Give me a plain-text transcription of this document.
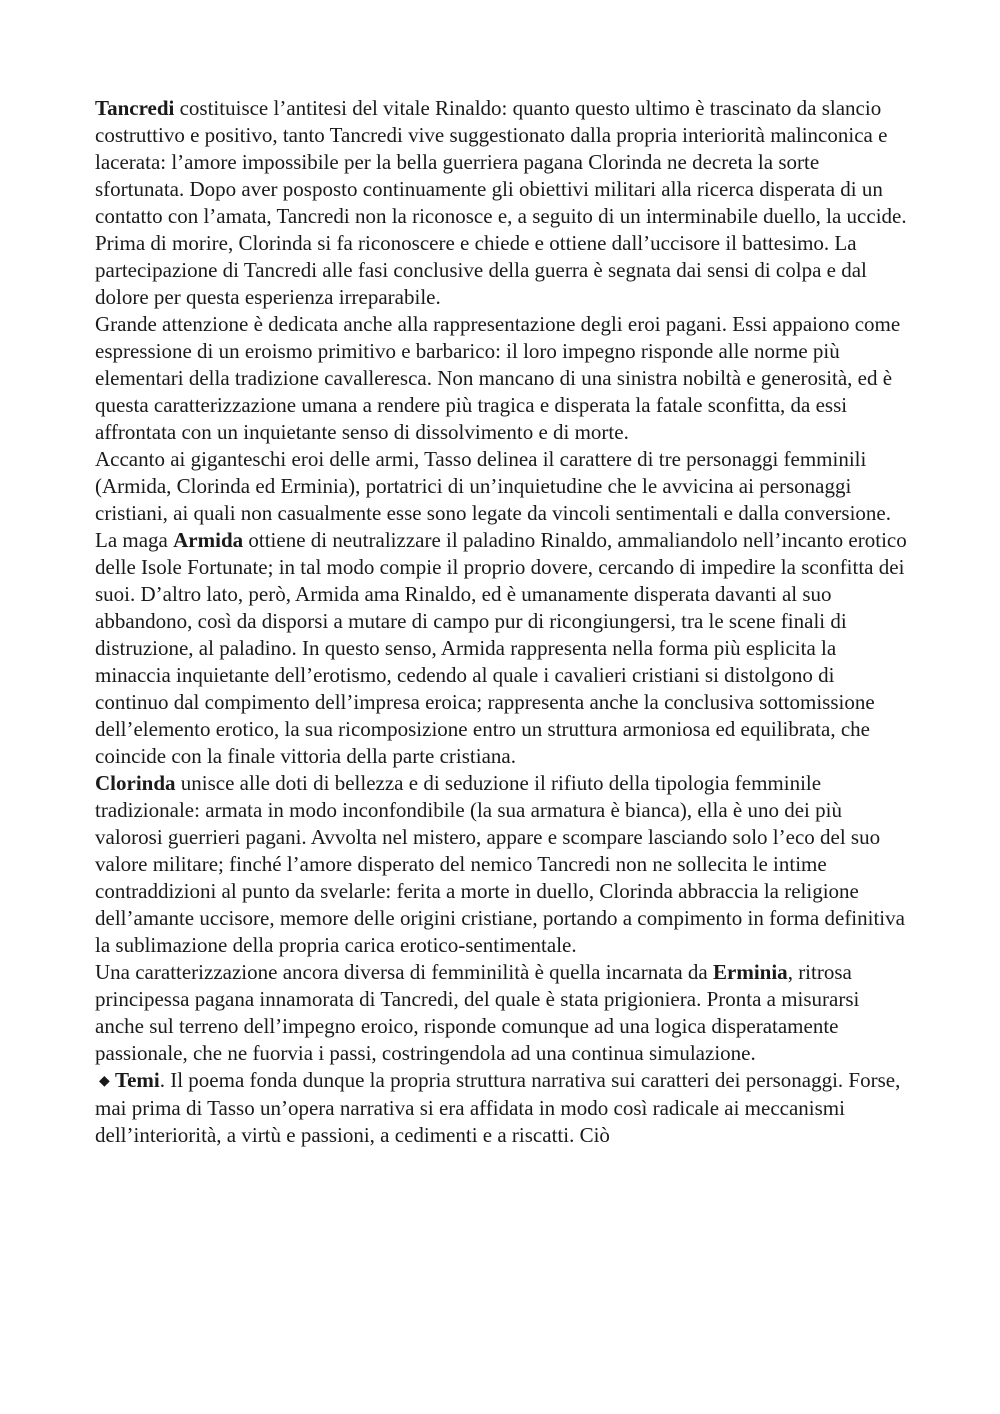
Tancredi costituisce l’antitesi del vitale Rinaldo: quanto questo ultimo è trascinato da slancio costruttivo e positivo, tanto Tancredi vive suggestionato dalla propria interiorità malinconica e lacerata: l’amore impossibile per la bella guerriera pagana Clorinda ne decreta la sorte sfortunata. Dopo aver posposto continuamente gli obiettivi militari alla ricerca disperata di un contatto con l’amata, Tancredi non la riconosce e, a seguito di un interminabile duello, la uccide. Prima di morire, Clorinda si fa riconoscere e chiede e ottiene dall’uccisore il battesimo. La partecipazione di Tancredi alle fasi conclusive della guerra è segnata dai sensi di colpa e dal dolore per questa esperienza irreparabile.

Grande attenzione è dedicata anche alla rappresentazione degli eroi pagani. Essi appaiono come espressione di un eroismo primitivo e barbarico: il loro impegno risponde alle norme più elementari della tradizione cavalleresca. Non mancano di una sinistra nobiltà e generosità, ed è questa caratterizzazione umana a rendere più tragica e disperata la fatale sconfitta, da essi affrontata con un inquietante senso di dissolvimento e di morte.

Accanto ai giganteschi eroi delle armi, Tasso delinea il carattere di tre personaggi femminili (Armida, Clorinda ed Erminia), portatrici di un’inquietudine che le avvicina ai personaggi cristiani, ai quali non casualmente esse sono legate da vincoli sentimentali e dalla conversione.

La maga Armida ottiene di neutralizzare il paladino Rinaldo, ammaliandolo nell’incanto erotico delle Isole Fortunate; in tal modo compie il proprio dovere, cercando di impedire la sconfitta dei suoi. D’altro lato, però, Armida ama Rinaldo, ed è umanamente disperata davanti al suo abbandono, così da disporsi a mutare di campo pur di ricongiungersi, tra le scene finali di distruzione, al paladino. In questo senso, Armida rappresenta nella forma più esplicita la minaccia inquietante dell’erotismo, cedendo al quale i cavalieri cristiani si distolgono di continuo dal compimento dell’impresa eroica; rappresenta anche la conclusiva sottomissione dell’elemento erotico, la sua ricomposizione entro un struttura armoniosa ed equilibrata, che coincide con la finale vittoria della parte cristiana.

Clorinda unisce alle doti di bellezza e di seduzione il rifiuto della tipologia femminile tradizionale: armata in modo inconfondibile (la sua armatura è bianca), ella è uno dei più valorosi guerrieri pagani. Avvolta nel mistero, appare e scompare lasciando solo l’eco del suo valore militare; finché l’amore disperato del nemico Tancredi non ne sollecita le intime contraddizioni al punto da svelarle: ferita a morte in duello, Clorinda abbraccia la religione dell’amante uccisore, memore delle origini cristiane, portando a compimento in forma definitiva la sublimazione della propria carica erotico-sentimentale.

Una caratterizzazione ancora diversa di femminilità è quella incarnata da Erminia, ritrosa principessa pagana innamorata di Tancredi, del quale è stata prigioniera. Pronta a misurarsi anche sul terreno dell’impegno eroico, risponde comunque ad una logica disperatamente passionale, che ne fuorvia i passi, costringendola ad una continua simulazione.

◆ Temi. Il poema fonda dunque la propria struttura narrativa sui caratteri dei personaggi. Forse, mai prima di Tasso un’opera narrativa si era affidata in modo così radicale ai meccanismi dell’interiorità, a virtù e passioni, a cedimenti e a riscatti. Ciò
